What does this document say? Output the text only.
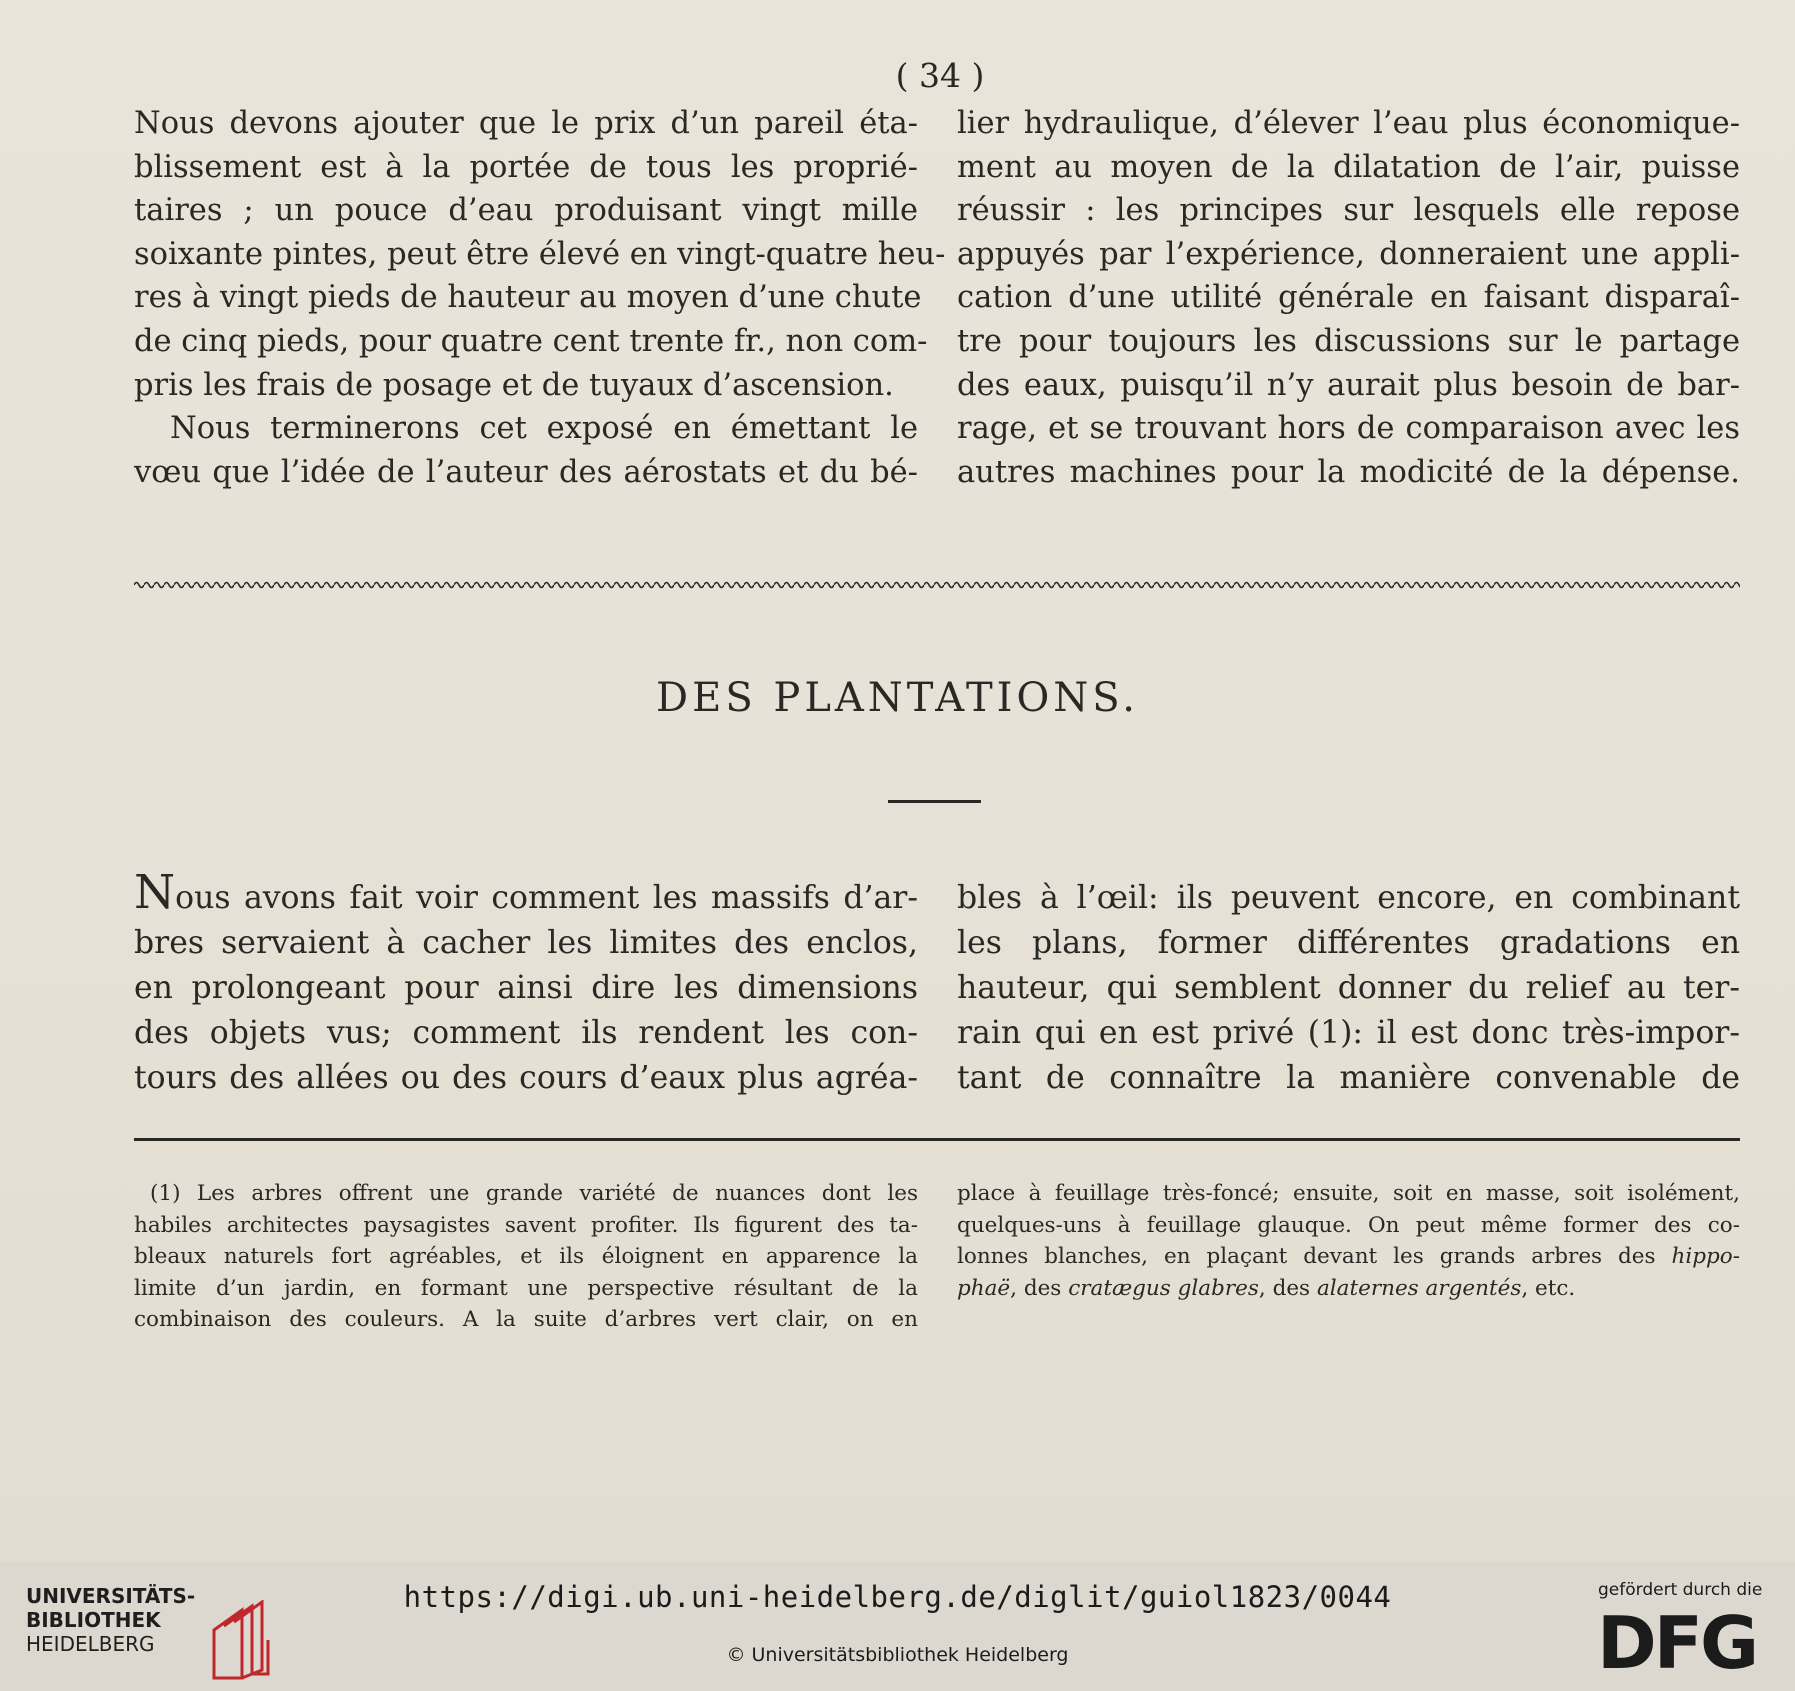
( 34 )
Nous devons ajouter que le prix d’un pareil éta-
blissement est à la portée de tous les proprié-
taires ; un pouce d’eau produisant vingt mille
soixante pintes, peut être élevé en vingt-quatre heu-
res à vingt pieds de hauteur au moyen d’une chute
de cinq pieds, pour quatre cent trente fr., non com-
pris les frais de posage et de tuyaux d’ascension.
Nous terminerons cet exposé en émettant le
vœu que l’idée de l’auteur des aérostats et du bé-
lier hydraulique, d’élever l’eau plus économique-
ment au moyen de la dilatation de l’air, puisse
réussir : les principes sur lesquels elle repose
appuyés par l’expérience, donneraient une appli-
cation d’une utilité générale en faisant disparaî-
tre pour toujours les discussions sur le partage
des eaux, puisqu’il n’y aurait plus besoin de bar-
rage, et se trouvant hors de comparaison avec les
autres machines pour la modicité de la dépense.
DES PLANTATIONS.
Nous avons fait voir comment les massifs d’ar-
bres servaient à cacher les limites des enclos,
en prolongeant pour ainsi dire les dimensions
des objets vus; comment ils rendent les con-
tours des allées ou des cours d’eaux plus agréa-
bles à l’œil: ils peuvent encore, en combinant
les plans, former différentes gradations en
hauteur, qui semblent donner du relief au ter-
rain qui en est privé (1): il est donc très-impor-
tant de connaître la manière convenable de
(1) Les arbres offrent une grande variété de nuances dont les
habiles architectes paysagistes savent profiter. Ils figurent des ta-
bleaux naturels fort agréables, et ils éloignent en apparence la
limite d’un jardin, en formant une perspective résultant de la
combinaison des couleurs. A la suite d’arbres vert clair, on en
place à feuillage très-foncé; ensuite, soit en masse, soit isolément,
quelques-uns à feuillage glauque. On peut même former des co-
lonnes blanches, en plaçant devant les grands arbres des hippo-
phaë, des cratægus glabres, des alaternes argentés, etc.
UNIVERSITÄTS-
BIBLIOTHEK
HEIDELBERG
https://digi.ub.uni-heidelberg.de/diglit/guiol1823/0044
© Universitätsbibliothek Heidelberg
gefördert durch die
DFG
